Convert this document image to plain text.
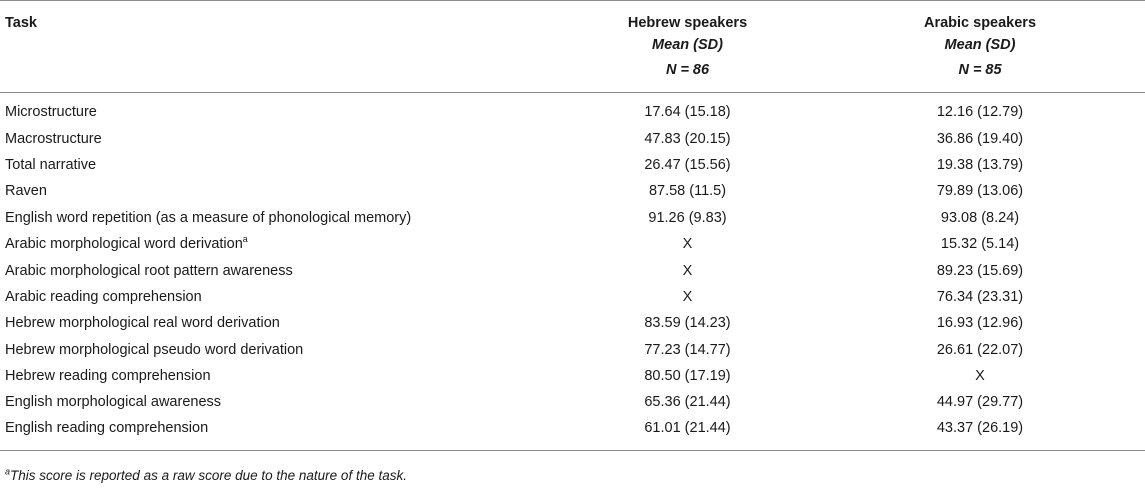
Task	Hebrew speakers	Arabic speakers
	Mean (SD)	Mean (SD)
	N = 86	N = 85
Microstructure	17.64 (15.18)	12.16 (12.79)
Macrostructure	47.83 (20.15)	36.86 (19.40)
Total narrative	26.47 (15.56)	19.38 (13.79)
Raven	87.58 (11.5)	79.89 (13.06)
English word repetition (as a measure of phonological memory)	91.26 (9.83)	93.08 (8.24)
Arabic morphological word derivation$^a$	X	15.32 (5.14)
Arabic morphological root pattern awareness	X	89.23 (15.69)
Arabic reading comprehension	X	76.34 (23.31)
Hebrew morphological real word derivation	83.59 (14.23)	16.93 (12.96)
Hebrew morphological pseudo word derivation	77.23 (14.77)	26.61 (22.07)
Hebrew reading comprehension	80.50 (17.19)	X
English morphological awareness	65.36 (21.44)	44.97 (29.77)
English reading comprehension	61.01 (21.44)	43.37 (26.19)
$^a$This score is reported as a raw score due to the nature of the task.
